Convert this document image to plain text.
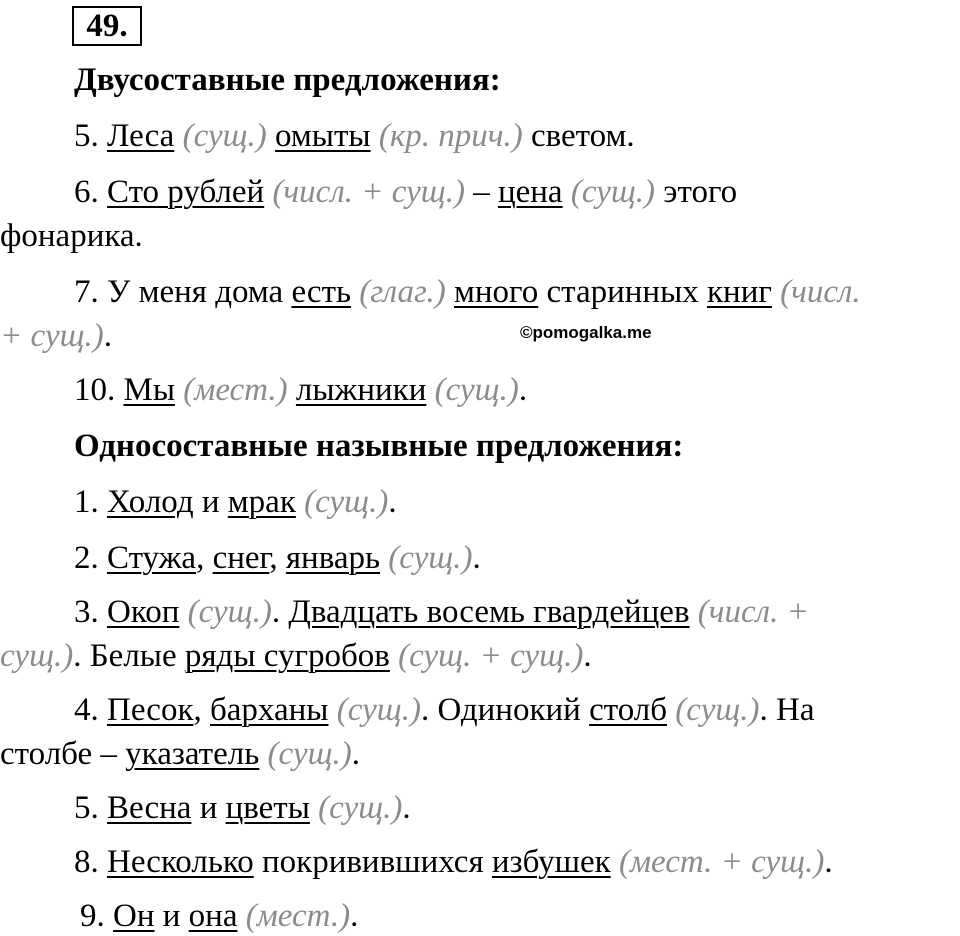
49.
Двусоставные предложения:
5. Леса (сущ.) омыты (кр. прич.) светом.
6. Сто рублей (числ. + сущ.) – цена (сущ.) этого
фонарика.
7. У меня дома есть (глаг.) много старинных книг (числ.
+ сущ.).	©pomogalka.me
10. Мы (мест.) лыжники (сущ.).
Односоставные назывные предложения:
1. Холод и мрак (сущ.).
2. Стужа, снег, январь (сущ.).
3. Окоп (сущ.). Двадцать восемь гвардейцев (числ. +
сущ.). Белые ряды сугробов (сущ. + сущ.).
4. Песок, барханы (сущ.). Одинокий столб (сущ.). На
столбе – указатель (сущ.).
5. Весна и цветы (сущ.).
8. Несколько покривившихся избушек (мест. + сущ.).
9. Он и она (мест.).
